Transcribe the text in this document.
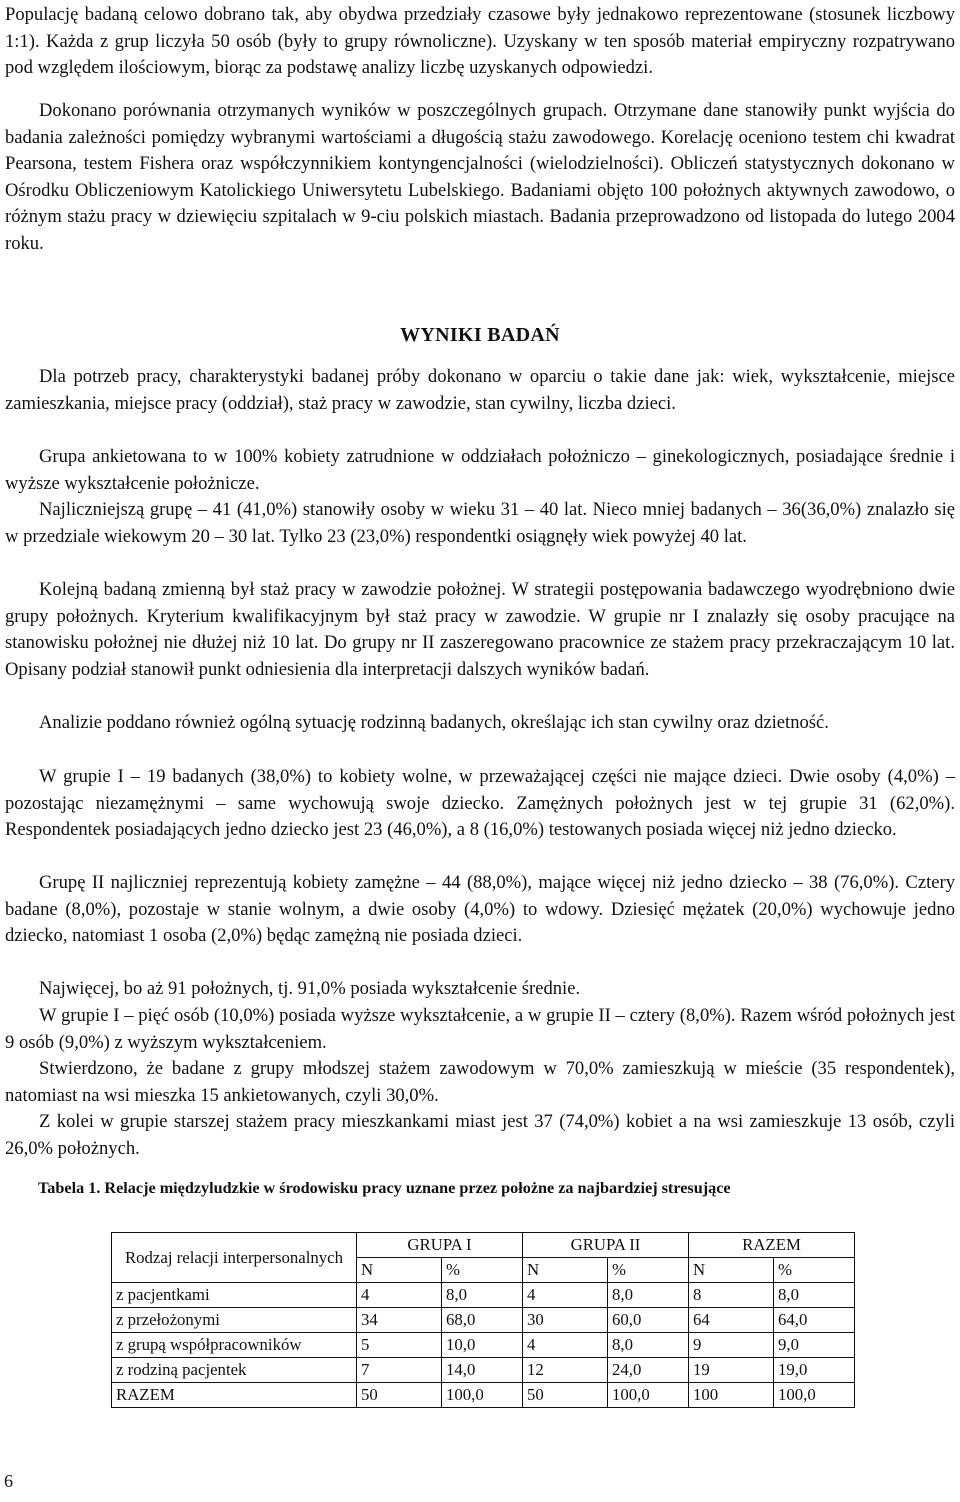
Populację badaną celowo dobrano tak, aby obydwa przedziały czasowe były jednakowo reprezentowane (stosunek liczbowy 1:1). Każda z grup liczyła 50 osób (były to grupy równoliczne). Uzyskany w ten sposób materiał empiryczny rozpatrywano pod względem ilościowym, biorąc za podstawę analizy liczbę uzyskanych odpowiedzi.

Dokonano porównania otrzymanych wyników w poszczególnych grupach. Otrzymane dane stanowiły punkt wyjścia do badania zależności pomiędzy wybranymi wartościami a długością stażu zawodowego. Korelację oceniono testem chi kwadrat Pearsona, testem Fishera oraz współczynnikiem kontyngencjalności (wielodzielności). Obliczeń statystycznych dokonano w Ośrodku Obliczeniowym Katolickiego Uniwersytetu Lubelskiego. Badaniami objęto 100 położnych aktywnych zawodowo, o różnym stażu pracy w dziewięciu szpitalach w 9-ciu polskich miastach. Badania przeprowadzono od listopada do lutego 2004 roku.

WYNIKI BADAŃ

Dla potrzeb pracy, charakterystyki badanej próby dokonano w oparciu o takie dane jak: wiek, wykształcenie, miejsce zamieszkania, miejsce pracy (oddział), staż pracy w zawodzie, stan cywilny, liczba dzieci.

Grupa ankietowana to w 100% kobiety zatrudnione w oddziałach położniczo – ginekologicznych, posiadające średnie i wyższe wykształcenie położnicze.

Najliczniejszą grupę – 41 (41,0%) stanowiły osoby w wieku 31 – 40 lat. Nieco mniej badanych – 36(36,0%) znalazło się w przedziale wiekowym 20 – 30 lat. Tylko 23 (23,0%) respondentki osiągnęły wiek powyżej 40 lat.

Kolejną badaną zmienną był staż pracy w zawodzie położnej. W strategii postępowania badawczego wyodrębniono dwie grupy położnych. Kryterium kwalifikacyjnym był staż pracy w zawodzie. W grupie nr I znalazły się osoby pracujące na stanowisku położnej nie dłużej niż 10 lat. Do grupy nr II zaszeregowano pracownice ze stażem pracy przekraczającym 10 lat. Opisany podział stanowił punkt odniesienia dla interpretacji dalszych wyników badań.

Analizie poddano również ogólną sytuację rodzinną badanych, określając ich stan cywilny oraz dzietność.

W grupie I – 19 badanych (38,0%) to kobiety wolne, w przeważającej części nie mające dzieci. Dwie osoby (4,0%) – pozostając niezamężnymi – same wychowują swoje dziecko. Zamężnych położnych jest w tej grupie 31 (62,0%). Respondentek posiadających jedno dziecko jest 23 (46,0%), a 8 (16,0%) testowanych posiada więcej niż jedno dziecko.

Grupę II najliczniej reprezentują kobiety zamężne – 44 (88,0%), mające więcej niż jedno dziecko – 38 (76,0%). Cztery badane (8,0%), pozostaje w stanie wolnym, a dwie osoby (4,0%) to wdowy. Dziesięć mężatek (20,0%) wychowuje jedno dziecko, natomiast 1 osoba (2,0%) będąc zamężną nie posiada dzieci.

Najwięcej, bo aż 91 położnych, tj. 91,0% posiada wykształcenie średnie.

W grupie I – pięć osób (10,0%) posiada wyższe wykształcenie, a w grupie II – cztery (8,0%). Razem wśród położnych jest 9 osób (9,0%) z wyższym wykształceniem.

Stwierdzono, że badane z grupy młodszej stażem zawodowym w 70,0% zamieszkują w mieście (35 respondentek), natomiast na wsi mieszka 15 ankietowanych, czyli 30,0%.

Z kolei w grupie starszej stażem pracy mieszkankami miast jest 37 (74,0%) kobiet a na wsi zamieszkuje 13 osób, czyli 26,0% położnych.

Tabela 1. Relacje międzyludzkie w środowisku pracy uznane przez położne za najbardziej stresujące

Rodzaj relacji interpersonalnych	GRUPA I		GRUPA II		RAZEM	
	N	%	N	%	N	%
z pacjentkami	4	8,0	4	8,0	8	8,0
z przełożonymi	34	68,0	30	60,0	64	64,0
z grupą współpracowników	5	10,0	4	8,0	9	9,0
z rodziną pacjentek	7	14,0	12	24,0	19	19,0
RAZEM	50	100,0	50	100,0	100	100,0

6
